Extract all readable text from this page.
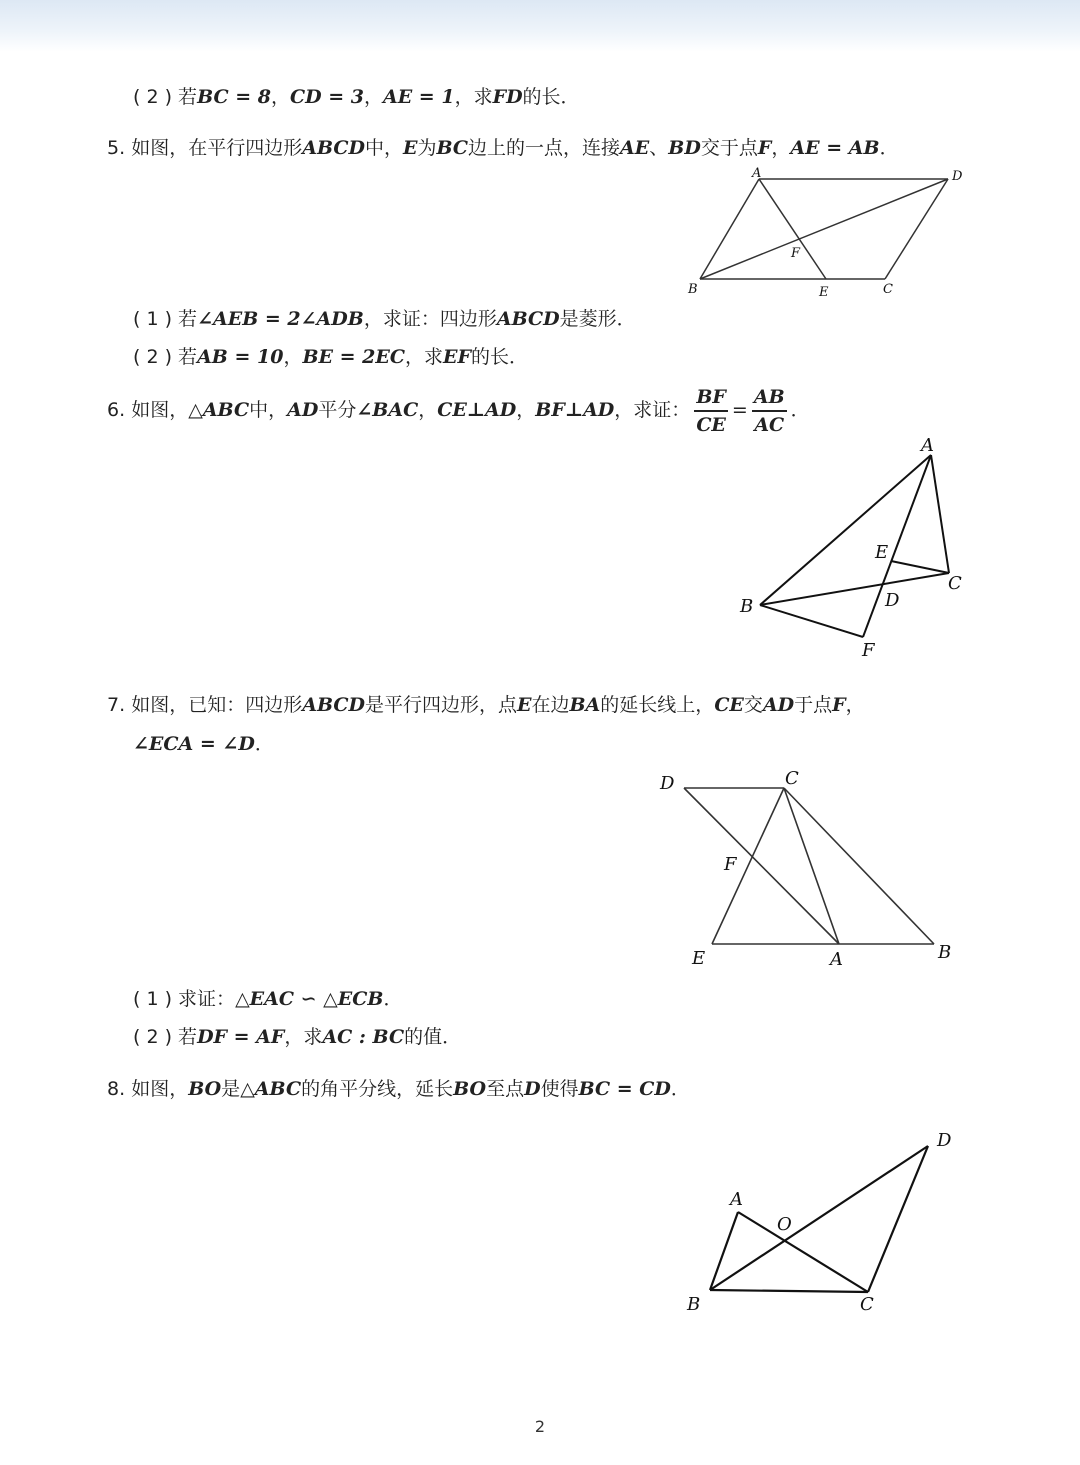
( 2 ) 若BC = 8，CD = 3，AE = 1，求FD的长．
5. 如图，在平行四边形ABCD中，E为BC边上的一点，连接AE、BD交于点F，AE = AB．
A	D
B	E	C
F
( 1 ) 若∠AEB = 2∠ADB，求证：四边形ABCD是菱形．
( 2 ) 若AB = 10，BE = 2EC，求EF的长．
6. 如图，△ABC中，AD平分∠BAC，CE⊥AD，BF⊥AD，求证： $\frac{BF}{CE} = \frac{AB}{AC}$ ．
A
B
C
D
E
F
7. 如图，已知：四边形ABCD是平行四边形，点E在边BA的延长线上，CE交AD于点F，
∠ECA = ∠D．
D	C
F
E	A	B
( 1 ) 求证：△EAC ∽ △ECB．
( 2 ) 若DF = AF，求AC : BC的值．
8. 如图，BO是△ABC的角平分线，延长BO至点D使得BC = CD．
A
O
D
B	C
2
